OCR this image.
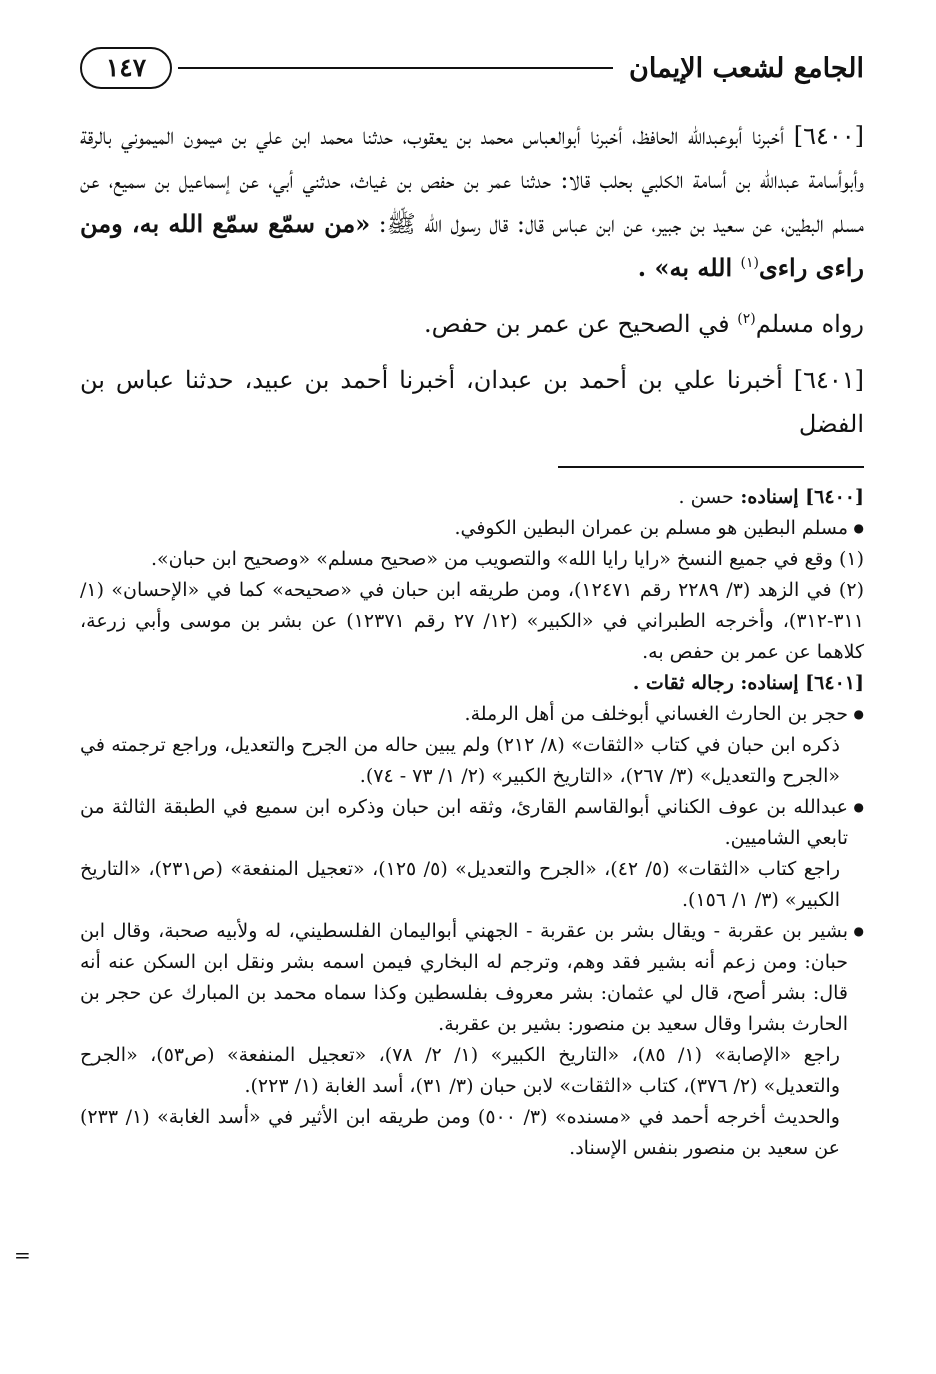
الجامع لشعب الإيمان
١٤٧

[٦٤٠٠] أخبرنا أبوعبدالله الحافظ، أخبرنا أبوالعباس محمد بن يعقوب، حدثنا محمد ابن علي بن ميمون الميموني بالرقة وأبوأسامة عبدالله بن أسامة الكلبي بحلب قالا: حدثنا عمر بن حفص بن غياث، حدثني أبي، عن إسماعيل بن سميع، عن مسلم البطين، عن سعيد بن جبير، عن ابن عباس قال: قال رسول الله ﷺ: «من سمّع سمّع الله به، ومن راءى راءى$^{(١)}$ الله به» .

رواه مسلم$^{(٢)}$ في الصحيح عن عمر بن حفص.

[٦٤٠١] أخبرنا علي بن أحمد بن عبدان، أخبرنا أحمد بن عبيد، حدثنا عباس بن الفضل

[٦٤٠٠] إسناده: حسن .

● مسلم البطين هو مسلم بن عمران البطين الكوفي.

(١) وقع في جميع النسخ «رايا رايا الله» والتصويب من «صحيح مسلم» «وصحيح ابن حبان».

(٢) في الزهد (٣/ ٢٢٨٩ رقم ١٢٤٧١)، ومن طريقه ابن حبان في «صحيحه» كما في «الإحسان» (١/ ٣١١-٣١٢)، وأخرجه الطبراني في «الكبير» (١٢/ ٢٧ رقم ١٢٣٧١) عن بشر بن موسى وأبي زرعة، كلاهما عن عمر بن حفص به.

[٦٤٠١] إسناده: رجاله ثقات .

● حجر بن الحارث الغساني أبوخلف من أهل الرملة.

ذكره ابن حبان في كتاب «الثقات» (٨/ ٢١٢) ولم يبين حاله من الجرح والتعديل، وراجع ترجمته في «الجرح والتعديل» (٣/ ٢٦٧)، «التاريخ الكبير» (٢/ ١/ ٧٣ - ٧٤).

● عبدالله بن عوف الكناني أبوالقاسم القارئ، وثقه ابن حبان وذكره ابن سميع في الطبقة الثالثة من تابعي الشاميين.

راجع كتاب «الثقات» (٥/ ٤٢)، «الجرح والتعديل» (٥/ ١٢٥)، «تعجيل المنفعة» (ص٢٣١)، «التاريخ الكبير» (٣/ ١/ ١٥٦).

● بشير بن عقربة - ويقال بشر بن عقربة - الجهني أبواليمان الفلسطيني، له ولأبيه صحبة، وقال ابن حبان: ومن زعم أنه بشير فقد وهم، وترجم له البخاري فيمن اسمه بشر ونقل ابن السكن عنه أنه قال: بشر أصح، قال لي عثمان: بشر معروف بفلسطين وكذا سماه محمد بن المبارك عن حجر بن الحارث بشرا وقال سعيد بن منصور: بشير بن عقربة.

راجع «الإصابة» (١/ ٨٥)، «التاريخ الكبير» (١/ ٢/ ٧٨)، «تعجيل المنفعة» (ص٥٣)، «الجرح والتعديل» (٢/ ٣٧٦)، كتاب «الثقات» لابن حبان (٣/ ٣١)، أسد الغابة (١/ ٢٢٣).

والحديث أخرجه أحمد في «مسنده» (٣/ ٥٠٠) ومن طريقه ابن الأثير في «أسد الغابة» (١/ ٢٣٣) عن سعيد بن منصور بنفس الإسناد.

=
